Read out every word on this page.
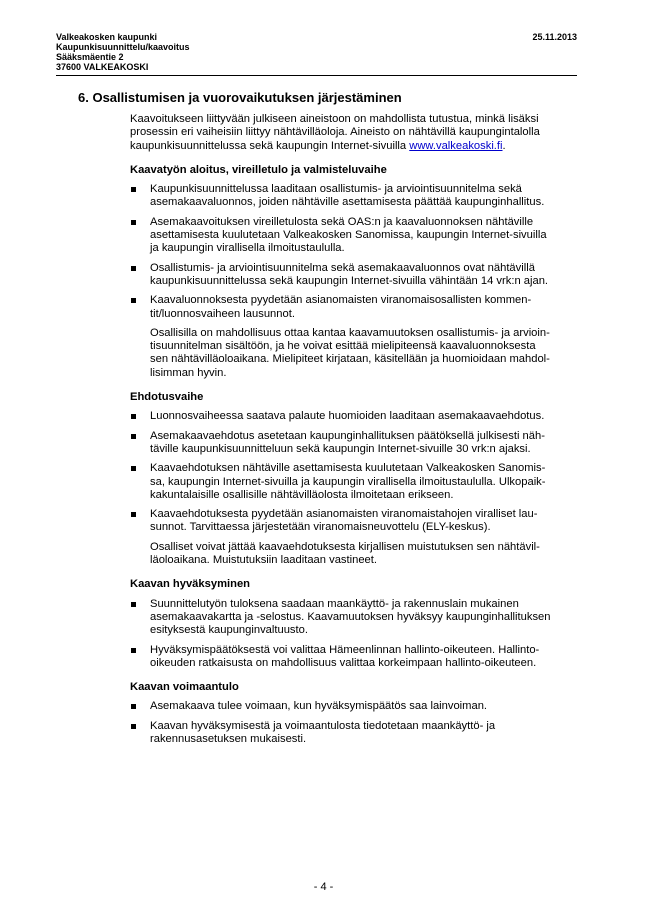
Valkeakosken kaupunki
Kaupunkisuunnittelu/kaavoitus
Sääksmäentie 2
37600 VALKEAKOSKI
25.11.2013
6. Osallistumisen ja vuorovaikutuksen järjestäminen

Kaavoitukseen liittyvään julkiseen aineistoon on mahdollista tutustua, minkä lisäksi
prosessin eri vaiheisiin liittyy nähtävilläoloja. Aineisto on nähtävillä kaupungintalolla
kaupunkisuunnittelussa sekä kaupungin Internet-sivuilla www.valkeakoski.fi.

Kaavatyön aloitus, vireilletulo ja valmisteluvaihe
Kaupunkisuunnittelussa laaditaan osallistumis- ja arviointisuunnitelma sekä
asemakaavaluonnos, joiden nähtäville asettamisesta päättää kaupunginhallitus.
Asemakaavoituksen vireilletulosta sekä OAS:n ja kaavaluonnoksen nähtäville
asettamisesta kuulutetaan Valkeakosken Sanomissa, kaupungin Internet-sivuilla
ja kaupungin virallisella ilmoitustaululla.
Osallistumis- ja arviointisuunnitelma sekä asemakaavaluonnos ovat nähtävillä
kaupunkisuunnittelussa sekä kaupungin Internet-sivuilla vähintään 14 vrk:n ajan.
Kaavaluonnoksesta pyydetään asianomaisten viranomaisosallisten kommen-
tit/luonnosvaiheen lausunnot.

Osallisilla on mahdollisuus ottaa kantaa kaavamuutoksen osallistumis- ja arvioin-
tisuunnitelman sisältöön, ja he voivat esittää mielipiteensä kaavaluonnoksesta
sen nähtävilläoloaikana. Mielipiteet kirjataan, käsitellään ja huomioidaan mahdol-
lisimman hyvin.

Ehdotusvaihe
Luonnosvaiheessa saatava palaute huomioiden laaditaan asemakaavaehdotus.
Asemakaavaehdotus asetetaan kaupunginhallituksen päätöksellä julkisesti näh-
täville kaupunkisuunnitteluun sekä kaupungin Internet-sivuille 30 vrk:n ajaksi.
Kaavaehdotuksen nähtäville asettamisesta kuulutetaan Valkeakosken Sanomis-
sa, kaupungin Internet-sivuilla ja kaupungin virallisella ilmoitustaululla. Ulkopaik-
kakuntalaisille osallisille nähtävilläolosta ilmoitetaan erikseen.
Kaavaehdotuksesta pyydetään asianomaisten viranomaistahojen viralliset lau-
sunnot. Tarvittaessa järjestetään viranomaisneuvottelu (ELY-keskus).

Osalliset voivat jättää kaavaehdotuksesta kirjallisen muistutuksen sen nähtävil-
läoloaikana. Muistutuksiin laaditaan vastineet.

Kaavan hyväksyminen
Suunnittelutyön tuloksena saadaan maankäyttö- ja rakennuslain mukainen
asemakaavakartta ja -selostus. Kaavamuutoksen hyväksyy kaupunginhallituksen
esityksestä kaupunginvaltuusto.
Hyväksymispäätöksestä voi valittaa Hämeenlinnan hallinto-oikeuteen. Hallinto-
oikeuden ratkaisusta on mahdollisuus valittaa korkeimpaan hallinto-oikeuteen.
Kaavan voimaantulo
Asemakaava tulee voimaan, kun hyväksymispäätös saa lainvoiman.
Kaavan hyväksymisestä ja voimaantulosta tiedotetaan maankäyttö- ja
rakennusasetuksen mukaisesti.
- 4 -
